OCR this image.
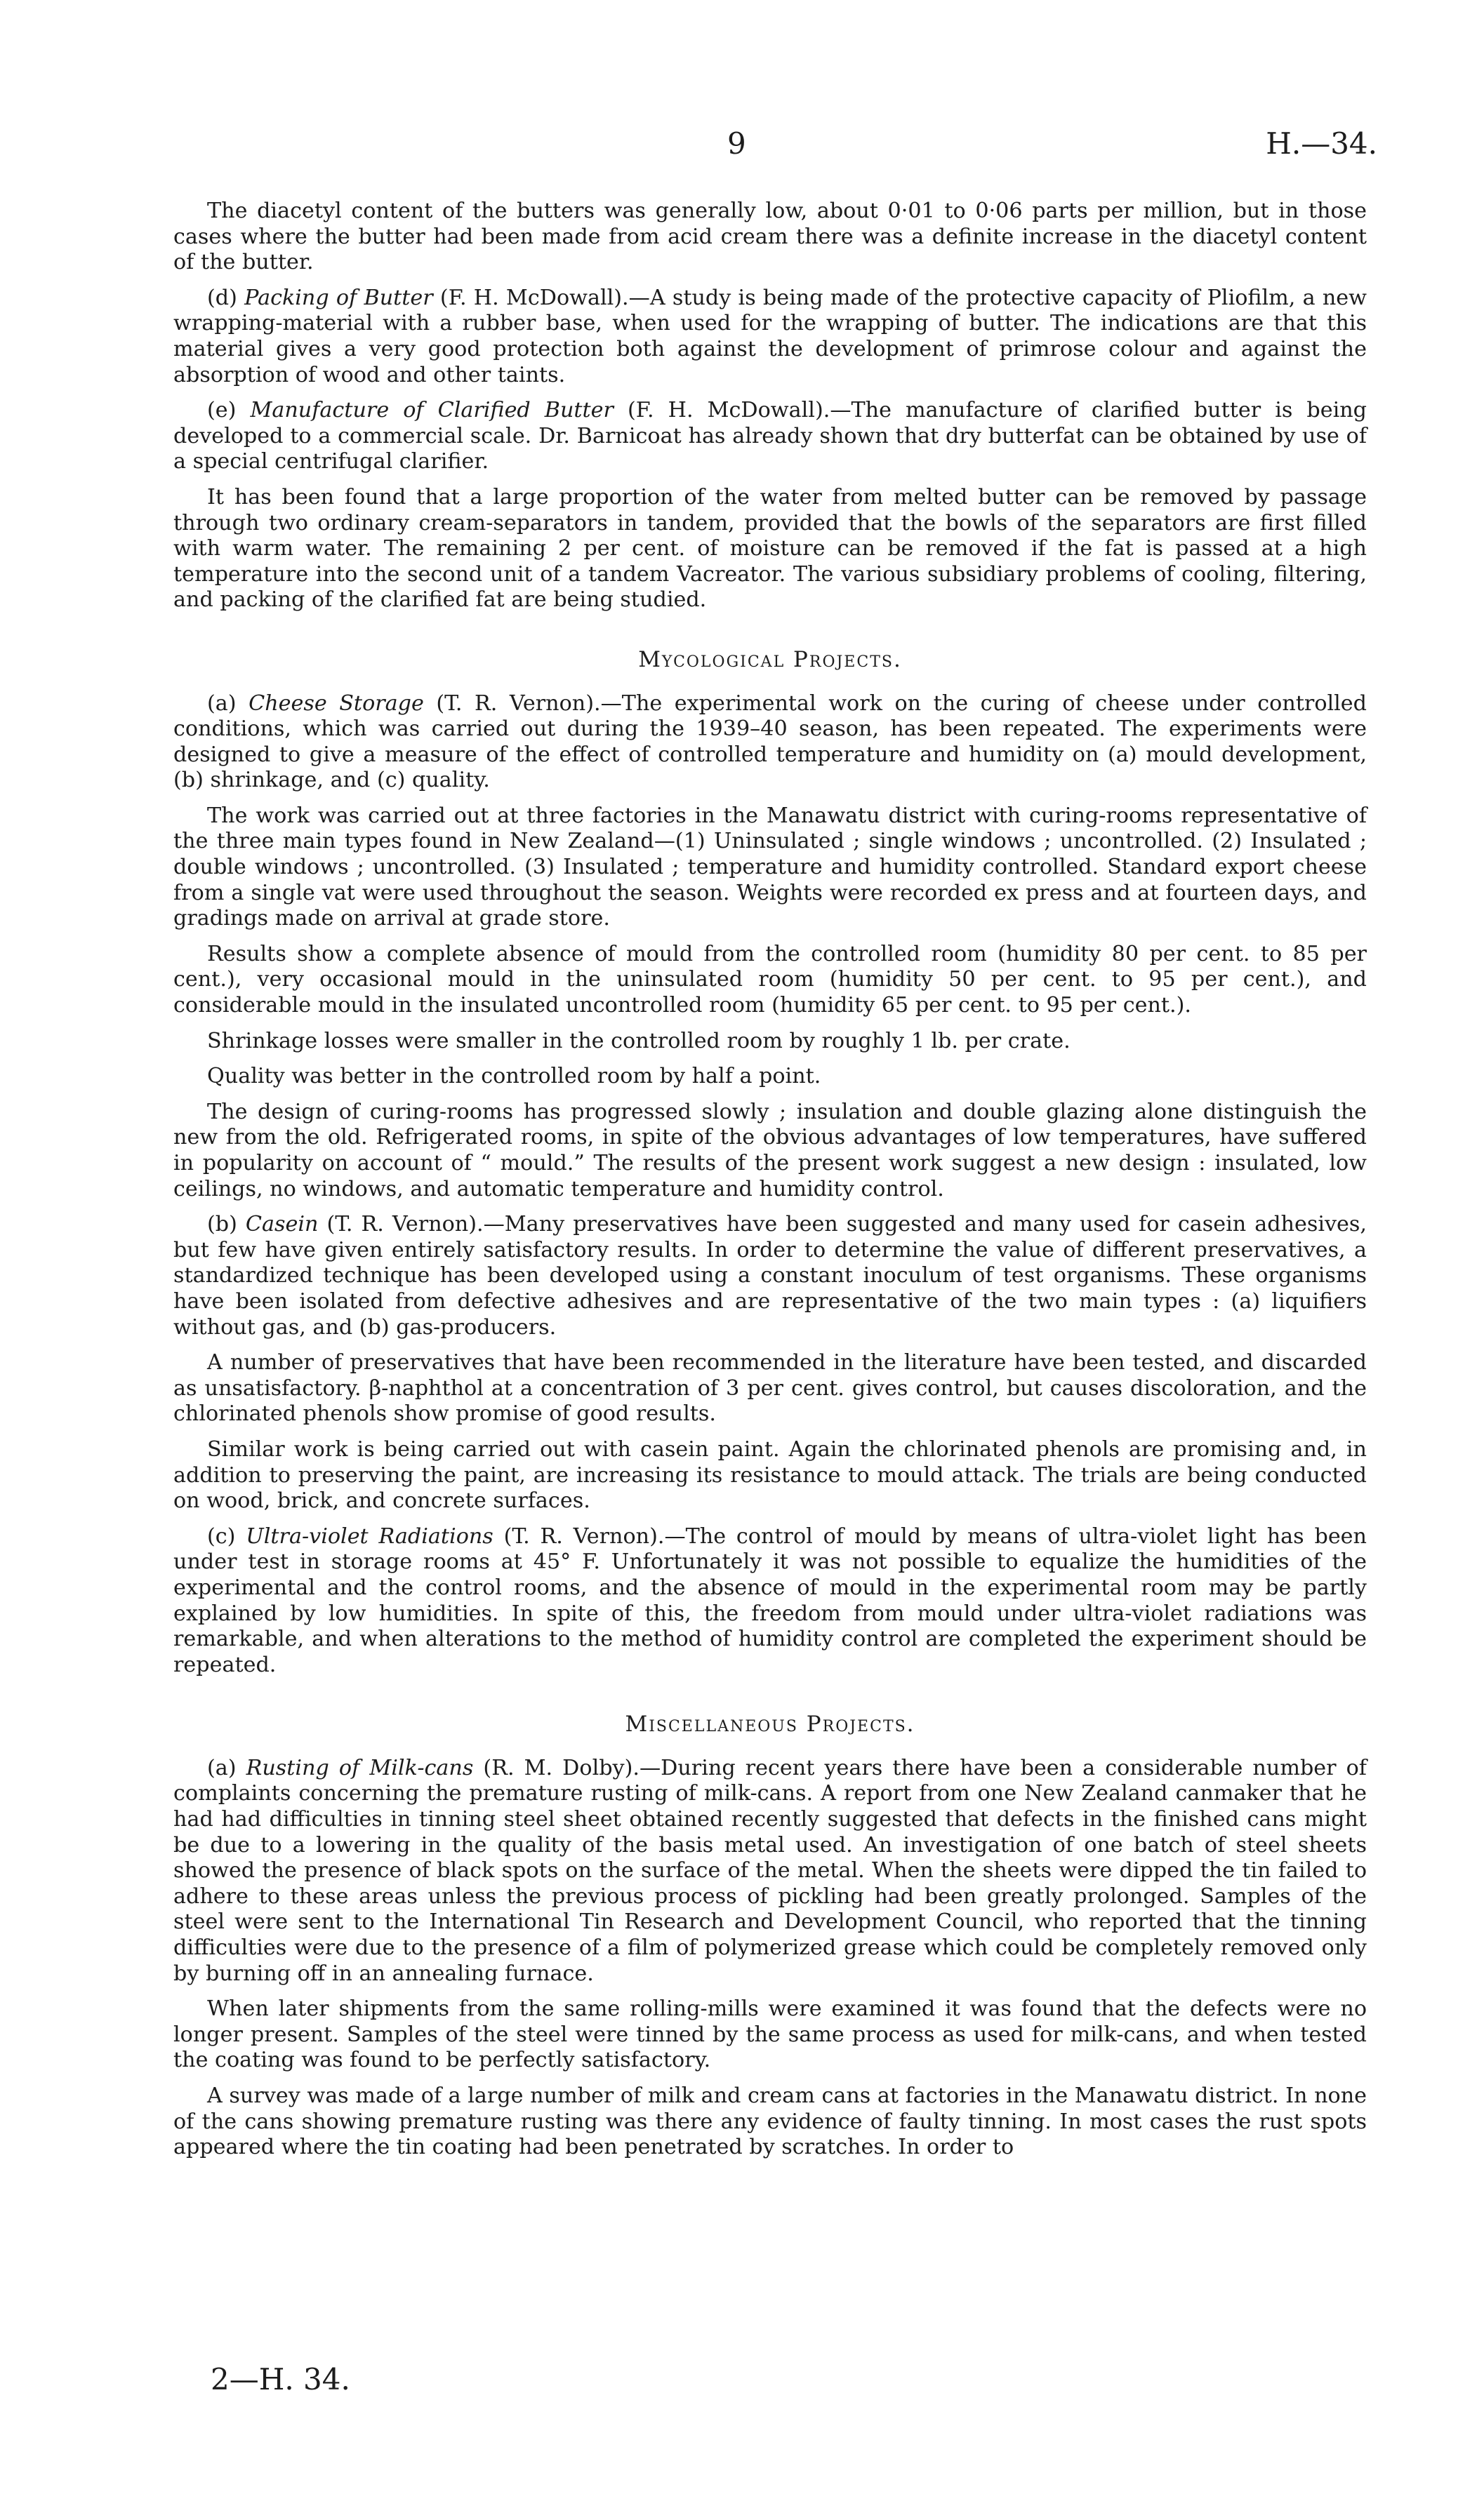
9	H.—34.

The diacetyl content of the butters was generally low, about 0·01 to 0·06 parts per million, but in those cases where the butter had been made from acid cream there was a definite increase in the diacetyl content of the butter.

(d) Packing of Butter (F. H. McDowall).—A study is being made of the protective capacity of Pliofilm, a new wrapping-material with a rubber base, when used for the wrapping of butter. The indications are that this material gives a very good protection both against the development of primrose colour and against the absorption of wood and other taints.

(e) Manufacture of Clarified Butter (F. H. McDowall).—The manufacture of clarified butter is being developed to a commercial scale. Dr. Barnicoat has already shown that dry butterfat can be obtained by use of a special centrifugal clarifier.

It has been found that a large proportion of the water from melted butter can be removed by passage through two ordinary cream-separators in tandem, provided that the bowls of the separators are first filled with warm water. The remaining 2 per cent. of moisture can be removed if the fat is passed at a high temperature into the second unit of a tandem Vacreator. The various subsidiary problems of cooling, filtering, and packing of the clarified fat are being studied.

Mycological Projects.

(a) Cheese Storage (T. R. Vernon).—The experimental work on the curing of cheese under controlled conditions, which was carried out during the 1939–40 season, has been repeated. The experiments were designed to give a measure of the effect of controlled temperature and humidity on (a) mould development, (b) shrinkage, and (c) quality.

The work was carried out at three factories in the Manawatu district with curing-rooms representative of the three main types found in New Zealand—(1) Uninsulated ; single windows ; uncontrolled. (2) Insulated ; double windows ; uncontrolled. (3) Insulated ; temperature and humidity controlled. Standard export cheese from a single vat were used throughout the season. Weights were recorded ex press and at fourteen days, and gradings made on arrival at grade store.

Results show a complete absence of mould from the controlled room (humidity 80 per cent. to 85 per cent.), very occasional mould in the uninsulated room (humidity 50 per cent. to 95 per cent.), and considerable mould in the insulated uncontrolled room (humidity 65 per cent. to 95 per cent.).

Shrinkage losses were smaller in the controlled room by roughly 1 lb. per crate.

Quality was better in the controlled room by half a point.

The design of curing-rooms has progressed slowly ; insulation and double glazing alone distinguish the new from the old. Refrigerated rooms, in spite of the obvious advantages of low temperatures, have suffered in popularity on account of “ mould.” The results of the present work suggest a new design : insulated, low ceilings, no windows, and automatic temperature and humidity control.

(b) Casein (T. R. Vernon).—Many preservatives have been suggested and many used for casein adhesives, but few have given entirely satisfactory results. In order to determine the value of different preservatives, a standardized technique has been developed using a constant inoculum of test organisms. These organisms have been isolated from defective adhesives and are representative of the two main types : (a) liquifiers without gas, and (b) gas-producers.

A number of preservatives that have been recommended in the literature have been tested, and discarded as unsatisfactory. β-naphthol at a concentration of 3 per cent. gives control, but causes discoloration, and the chlorinated phenols show promise of good results.

Similar work is being carried out with casein paint. Again the chlorinated phenols are promising and, in addition to preserving the paint, are increasing its resistance to mould attack. The trials are being conducted on wood, brick, and concrete surfaces.

(c) Ultra-violet Radiations (T. R. Vernon).—The control of mould by means of ultra-violet light has been under test in storage rooms at 45° F. Unfortunately it was not possible to equalize the humidities of the experimental and the control rooms, and the absence of mould in the experimental room may be partly explained by low humidities. In spite of this, the freedom from mould under ultra-violet radiations was remarkable, and when alterations to the method of humidity control are completed the experiment should be repeated.

Miscellaneous Projects.

(a) Rusting of Milk-cans (R. M. Dolby).—During recent years there have been a considerable number of complaints concerning the premature rusting of milk-cans. A report from one New Zealand canmaker that he had had difficulties in tinning steel sheet obtained recently suggested that defects in the finished cans might be due to a lowering in the quality of the basis metal used. An investigation of one batch of steel sheets showed the presence of black spots on the surface of the metal. When the sheets were dipped the tin failed to adhere to these areas unless the previous process of pickling had been greatly prolonged. Samples of the steel were sent to the International Tin Research and Development Council, who reported that the tinning difficulties were due to the presence of a film of polymerized grease which could be completely removed only by burning off in an annealing furnace.

When later shipments from the same rolling-mills were examined it was found that the defects were no longer present. Samples of the steel were tinned by the same process as used for milk-cans, and when tested the coating was found to be perfectly satisfactory.

A survey was made of a large number of milk and cream cans at factories in the Manawatu district. In none of the cans showing premature rusting was there any evidence of faulty tinning. In most cases the rust spots appeared where the tin coating had been penetrated by scratches. In order to

2—H. 34.
